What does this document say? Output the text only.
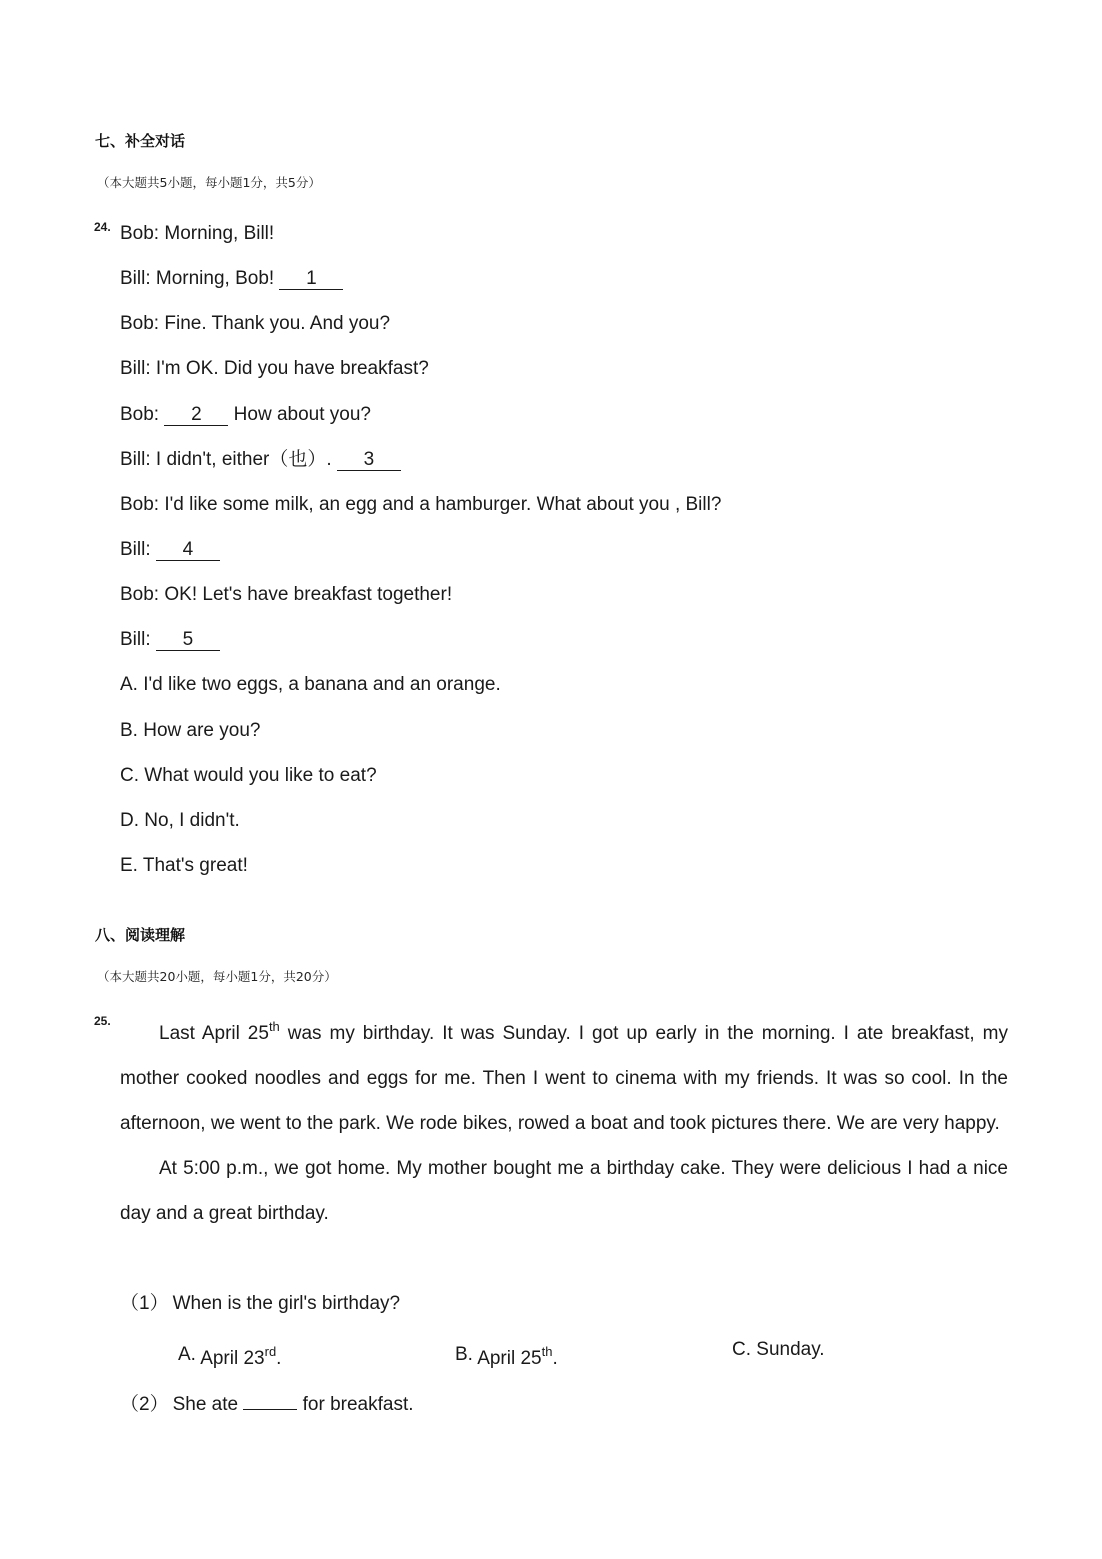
七、补全对话
（本大题共5小题，每小题1分，共5分）
24. Bob: Morning, Bill!
Bill: Morning, Bob! 1
Bob: Fine. Thank you. And you?
Bill: I'm OK. Did you have breakfast?
Bob: 2 How about you?
Bill: I didn't, either（也）. 3
Bob: I'd like some milk, an egg and a hamburger. What about you , Bill?
Bill: 4
Bob: OK! Let's have breakfast together!
Bill: 5
A. I'd like two eggs, a banana and an orange.
B. How are you?
C. What would you like to eat?
D. No, I didn't.
E. That's great!
八、阅读理解
（本大题共20小题，每小题1分，共20分）
25.

Last April 25th was my birthday. It was Sunday. I got up early in the morning. I ate breakfast, my mother cooked noodles and eggs for me. Then I went to cinema with my friends. It was so cool. In the afternoon, we went to the park. We rode bikes, rowed a boat and took pictures there. We are very happy.

At 5:00 p.m., we got home. My mother bought me a birthday cake. They were delicious I had a nice day and a great birthday.

（1） When is the girl's birthday?
A. April 23rd.	B. April 25th.	C. Sunday.
（2） She ate	for breakfast.
